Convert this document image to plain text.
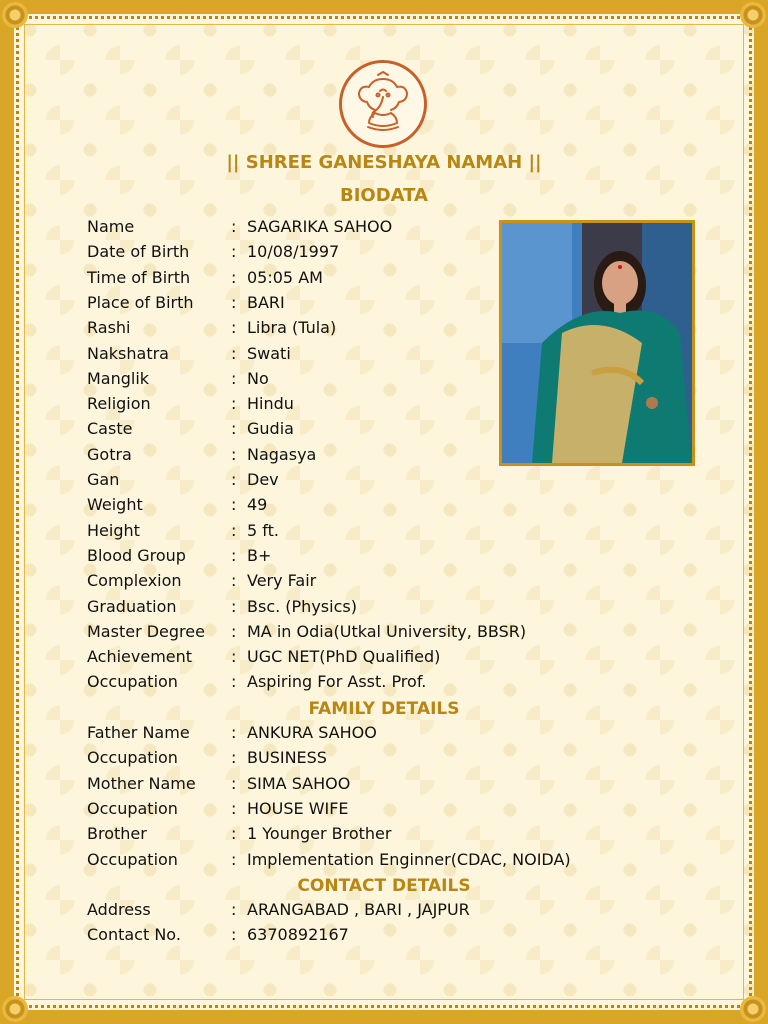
|| SHREE GANESHAYA NAMAH ||
BIODATA
Name	: SAGARIKA SAHOO
Date of Birth	: 10/08/1997
Time of Birth	: 05:05 AM
Place of Birth : BARI
Rashi	: Libra (Tula)
Nakshatra	: Swati
Manglik	: No
Religion	: Hindu
Caste	: Gudia
Gotra	: Nagasya
Gan	: Dev
Weight	: 49
Height	: 5 ft.
Blood Group	: B+
Complexion	: Very Fair
Graduation	: Bsc. (Physics)
Master Degree : MA in Odia(Utkal University, BBSR)
Achievement : UGC NET(PhD Qualified)
Occupation	: Aspiring For Asst. Prof.
FAMILY DETAILS
Father Name	: ANKURA SAHOO
Occupation	: BUSINESS
Mother Name : SIMA SAHOO
Occupation	: HOUSE WIFE
Brother	: 1 Younger Brother
Occupation	: Implementation Enginner(CDAC, NOIDA)
CONTACT DETAILS
Address	: ARANGABAD , BARI , JAJPUR
Contact No.	: 6370892167
